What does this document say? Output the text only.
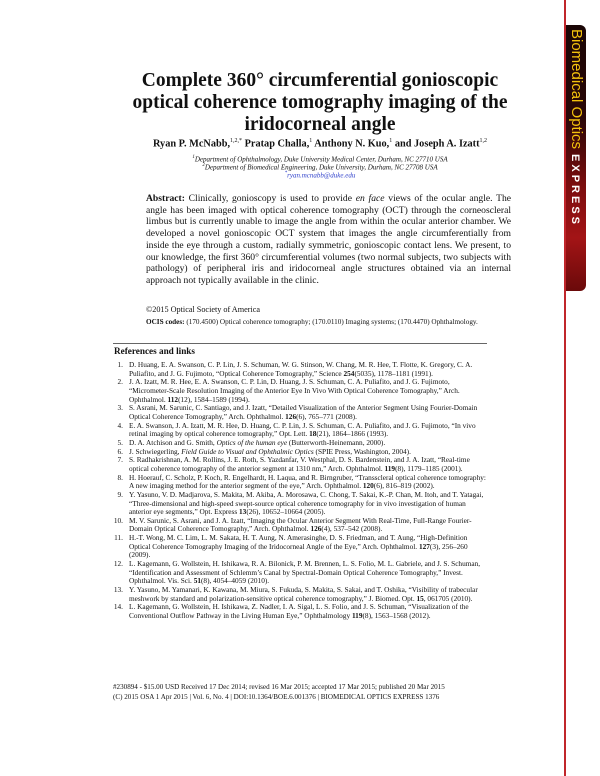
Biomedical OpticsEXPRESS
Complete 360° circumferential gonioscopic optical coherence tomography imaging of the iridocorneal angle
Ryan P. McNabb,$^{1,2,*}$ Pratap Challa,$^1$ Anthony N. Kuo,$^1$ and Joseph A. Izatt$^{1,2}$
$^1$Department of Ophthalmology, Duke University Medical Center, Durham, NC 27710 USA
$^2$Department of Biomedical Engineering, Duke University, Durham, NC 27708 USA
*ryan.mcnabb@duke.edu
Abstract: Clinically, gonioscopy is used to provide en face views of the ocular angle. The angle has been imaged with optical coherence tomography (OCT) through the corneoscleral limbus but is currently unable to image the angle from within the ocular anterior chamber. We developed a novel gonioscopic OCT system that images the angle circumferentially from inside the eye through a custom, radially symmetric, gonioscopic contact lens. We present, to our knowledge, the first 360° circumferential volumes (two normal subjects, two subjects with pathology) of peripheral iris and iridocorneal angle structures obtained via an internal approach not typically available in the clinic.
©2015 Optical Society of America
OCIS codes: (170.4500) Optical coherence tomography; (170.0110) Imaging systems; (170.4470) Ophthalmology.
References and links
1. D. Huang, E. A. Swanson, C. P. Lin, J. S. Schuman, W. G. Stinson, W. Chang, M. R. Hee, T. Flotte, K. Gregory, C. A. Puliafito, and J. G. Fujimoto, “Optical Coherence Tomography,” Science 254(5035), 1178–1181 (1991).
2. J. A. Izatt, M. R. Hee, E. A. Swanson, C. P. Lin, D. Huang, J. S. Schuman, C. A. Puliafito, and J. G. Fujimoto, “Micrometer-Scale Resolution Imaging of the Anterior Eye In Vivo With Optical Coherence Tomography,” Arch. Ophthalmol. 112(12), 1584–1589 (1994).
3. S. Asrani, M. Sarunic, C. Santiago, and J. Izatt, “Detailed Visualization of the Anterior Segment Using Fourier-Domain Optical Coherence Tomography,” Arch. Ophthalmol. 126(6), 765–771 (2008).
4. E. A. Swanson, J. A. Izatt, M. R. Hee, D. Huang, C. P. Lin, J. S. Schuman, C. A. Puliafito, and J. G. Fujimoto, “In vivo retinal imaging by optical coherence tomography,” Opt. Lett. 18(21), 1864–1866 (1993).
5. D. A. Atchison and G. Smith, Optics of the human eye (Butterworth-Heinemann, 2000).
6. J. Schwiegerling, Field Guide to Visual and Ophthalmic Optics (SPIE Press, Washington, 2004).
7. S. Radhakrishnan, A. M. Rollins, J. E. Roth, S. Yazdanfar, V. Westphal, D. S. Bardenstein, and J. A. Izatt, “Real-time optical coherence tomography of the anterior segment at 1310 nm,” Arch. Ophthalmol. 119(8), 1179–1185 (2001).
8. H. Hoerauf, C. Scholz, P. Koch, R. Engelhardt, H. Laqua, and R. Birngruber, “Transscleral optical coherence tomography: A new imaging method for the anterior segment of the eye,” Arch. Ophthalmol. 120(6), 816–819 (2002).
9. Y. Yasuno, V. D. Madjarova, S. Makita, M. Akiba, A. Morosawa, C. Chong, T. Sakai, K.-P. Chan, M. Itoh, and T. Yatagai, “Three-dimensional and high-speed swept-source optical coherence tomography for in vivo investigation of human anterior eye segments,” Opt. Express 13(26), 10652–10664 (2005).
10. M. V. Sarunic, S. Asrani, and J. A. Izatt, “Imaging the Ocular Anterior Segment With Real-Time, Full-Range Fourier-Domain Optical Coherence Tomography,” Arch. Ophthalmol. 126(4), 537–542 (2008).
11. H.-T. Wong, M. C. Lim, L. M. Sakata, H. T. Aung, N. Amerasinghe, D. S. Friedman, and T. Aung, “High-Definition Optical Coherence Tomography Imaging of the Iridocorneal Angle of the Eye,” Arch. Ophthalmol. 127(3), 256–260 (2009).
12. L. Kagemann, G. Wollstein, H. Ishikawa, R. A. Bilonick, P. M. Brennen, L. S. Folio, M. L. Gabriele, and J. S. Schuman, “Identification and Assessment of Schlemm’s Canal by Spectral-Domain Optical Coherence Tomography,” Invest. Ophthalmol. Vis. Sci. 51(8), 4054–4059 (2010).
13. Y. Yasuno, M. Yamanari, K. Kawana, M. Miura, S. Fukuda, S. Makita, S. Sakai, and T. Oshika, “Visibility of trabecular meshwork by standard and polarization-sensitive optical coherence tomography,” J. Biomed. Opt. 15, 061705 (2010).
14. L. Kagemann, G. Wollstein, H. Ishikawa, Z. Nadler, I. A. Sigal, L. S. Folio, and J. S. Schuman, “Visualization of the Conventional Outflow Pathway in the Living Human Eye,” Ophthalmology 119(8), 1563–1568 (2012).
#230894 - $15.00 USD Received 17 Dec 2014; revised 16 Mar 2015; accepted 17 Mar 2015; published 20 Mar 2015
(C) 2015 OSA 1 Apr 2015 | Vol. 6, No. 4 | DOI:10.1364/BOE.6.001376 | BIOMEDICAL OPTICS EXPRESS 1376
